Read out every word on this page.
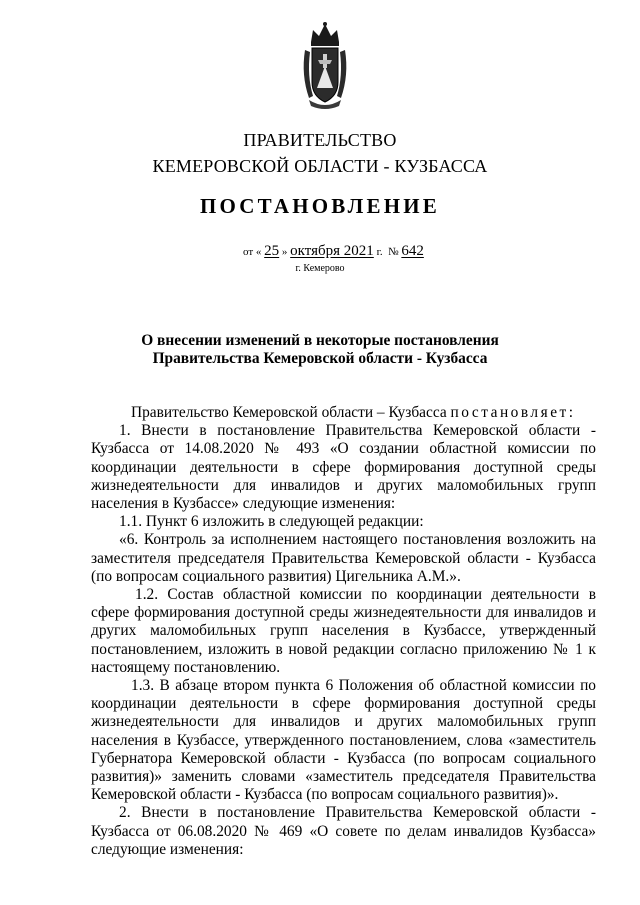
ПРАВИТЕЛЬСТВО
КЕМЕРОВСКОЙ ОБЛАСТИ - КУЗБАССА
ПОСТАНОВЛЕНИЕ
от « 25 » октября 2021 г. № 642
г. Кемерово
О внесении изменений в некоторые постановления
Правительства Кемеровской области - Кузбасса

Правительство Кемеровской области – Кузбасса постановляет:

1. Внести в постановление Правительства Кемеровской области - Кузбасса от 14.08.2020 № 493 «О создании областной комиссии по координации деятельности в сфере формирования доступной среды жизнедеятельности для инвалидов и других маломобильных групп населения в Кузбассе» следующие изменения:

1.1. Пункт 6 изложить в следующей редакции:

«6. Контроль за исполнением настоящего постановления возложить на заместителя председателя Правительства Кемеровской области - Кузбасса (по вопросам социального развития) Цигельника А.М.».

1.2. Состав областной комиссии по координации деятельности в сфере формирования доступной среды жизнедеятельности для инвалидов и других маломобильных групп населения в Кузбассе, утвержденный постановлением, изложить в новой редакции согласно приложению № 1 к настоящему постановлению.

1.3. В абзаце втором пункта 6 Положения об областной комиссии по координации деятельности в сфере формирования доступной среды жизнедеятельности для инвалидов и других маломобильных групп населения в Кузбассе, утвержденного постановлением, слова «заместитель Губернатора Кемеровской области - Кузбасса (по вопросам социального развития)» заменить словами «заместитель председателя Правительства Кемеровской области - Кузбасса (по вопросам социального развития)».

2. Внести в постановление Правительства Кемеровской области - Кузбасса от 06.08.2020 № 469 «О совете по делам инвалидов Кузбасса» следующие изменения:
